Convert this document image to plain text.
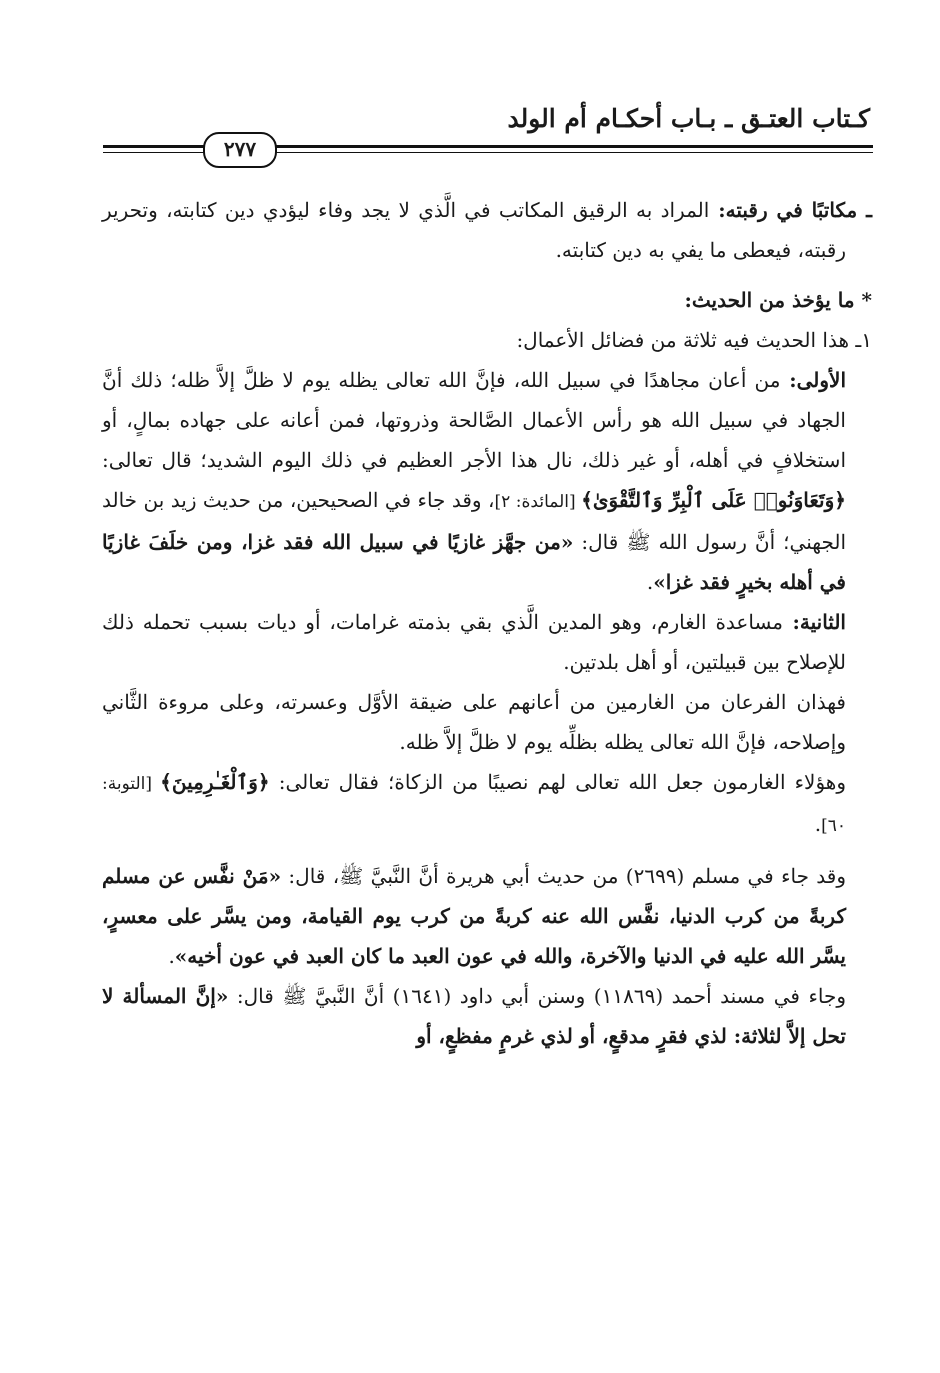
كـتاب العتـق ـ بـاب أحكـام أم الولد
٢٧٧

ـ مكاتبًا في رقبته: المراد به الرقيق المكاتب في الَّذي لا يجد وفاء ليؤدي دين كتابته، وتحرير رقبته، فيعطى ما يفي به دين كتابته.

* ما يؤخذ من الحديث:

١ـ هذا الحديث فيه ثلاثة من فضائل الأعمال:

الأولى: من أعان مجاهدًا في سبيل الله، فإنَّ الله تعالى يظله يوم لا ظلَّ إلاَّ ظله؛ ذلك أنَّ الجهاد في سبيل الله هو رأس الأعمال الصَّالحة وذروتها، فمن أعانه على جهاده بمالٍ، أو استخلافٍ في أهله، أو غير ذلك، نال هذا الأجر العظيم في ذلك اليوم الشديد؛ قال تعالى: ﴿وَتَعَاوَنُوا۟ عَلَى ٱلْبِرِّ وَٱلتَّقْوَىٰ﴾ [المائدة: ٢]، وقد جاء في الصحيحين، من حديث زيد بن خالد الجهني؛ أنَّ رسول الله ﷺ قال: «من جهَّز غازيًا في سبيل الله فقد غزا، ومن خلَفَ غازيًا في أهله بخيرٍ فقد غزا».

الثانية: مساعدة الغارم، وهو المدين الَّذي بقي بذمته غرامات، أو ديات بسبب تحمله ذلك للإصلاح بين قبيلتين، أو أهل بلدتين.

فهذان الفرعان من الغارمين من أعانهم على ضيقة الأوَّل وعسرته، وعلى مروءة الثَّاني وإصلاحه، فإنَّ الله تعالى يظله بظلِّه يوم لا ظلَّ إلاَّ ظله.

وهؤلاء الغارمون جعل الله تعالى لهم نصيبًا من الزكاة؛ فقال تعالى: ﴿وَٱلْغَـٰرِمِينَ﴾ [التوبة: ٦٠].

وقد جاء في مسلم (٢٦٩٩) من حديث أبي هريرة أنَّ النَّبيَّ ﷺ، قال: «مَنْ نفَّس عن مسلم كربةً من كرب الدنيا، نفَّس الله عنه كربةً من كرب يوم القيامة، ومن يسَّر على معسرٍ، يسَّر الله عليه في الدنيا والآخرة، والله في عون العبد ما كان العبد في عون أخيه».

وجاء في مسند أحمد (١١٨٦٩) وسنن أبي داود (١٦٤١) أنَّ النَّبيَّ ﷺ قال: «إنَّ المسألة لا تحل إلاَّ لثلاثة: لذي فقرٍ مدقعٍ، أو لذي غرمٍ مفظعٍ، أو
